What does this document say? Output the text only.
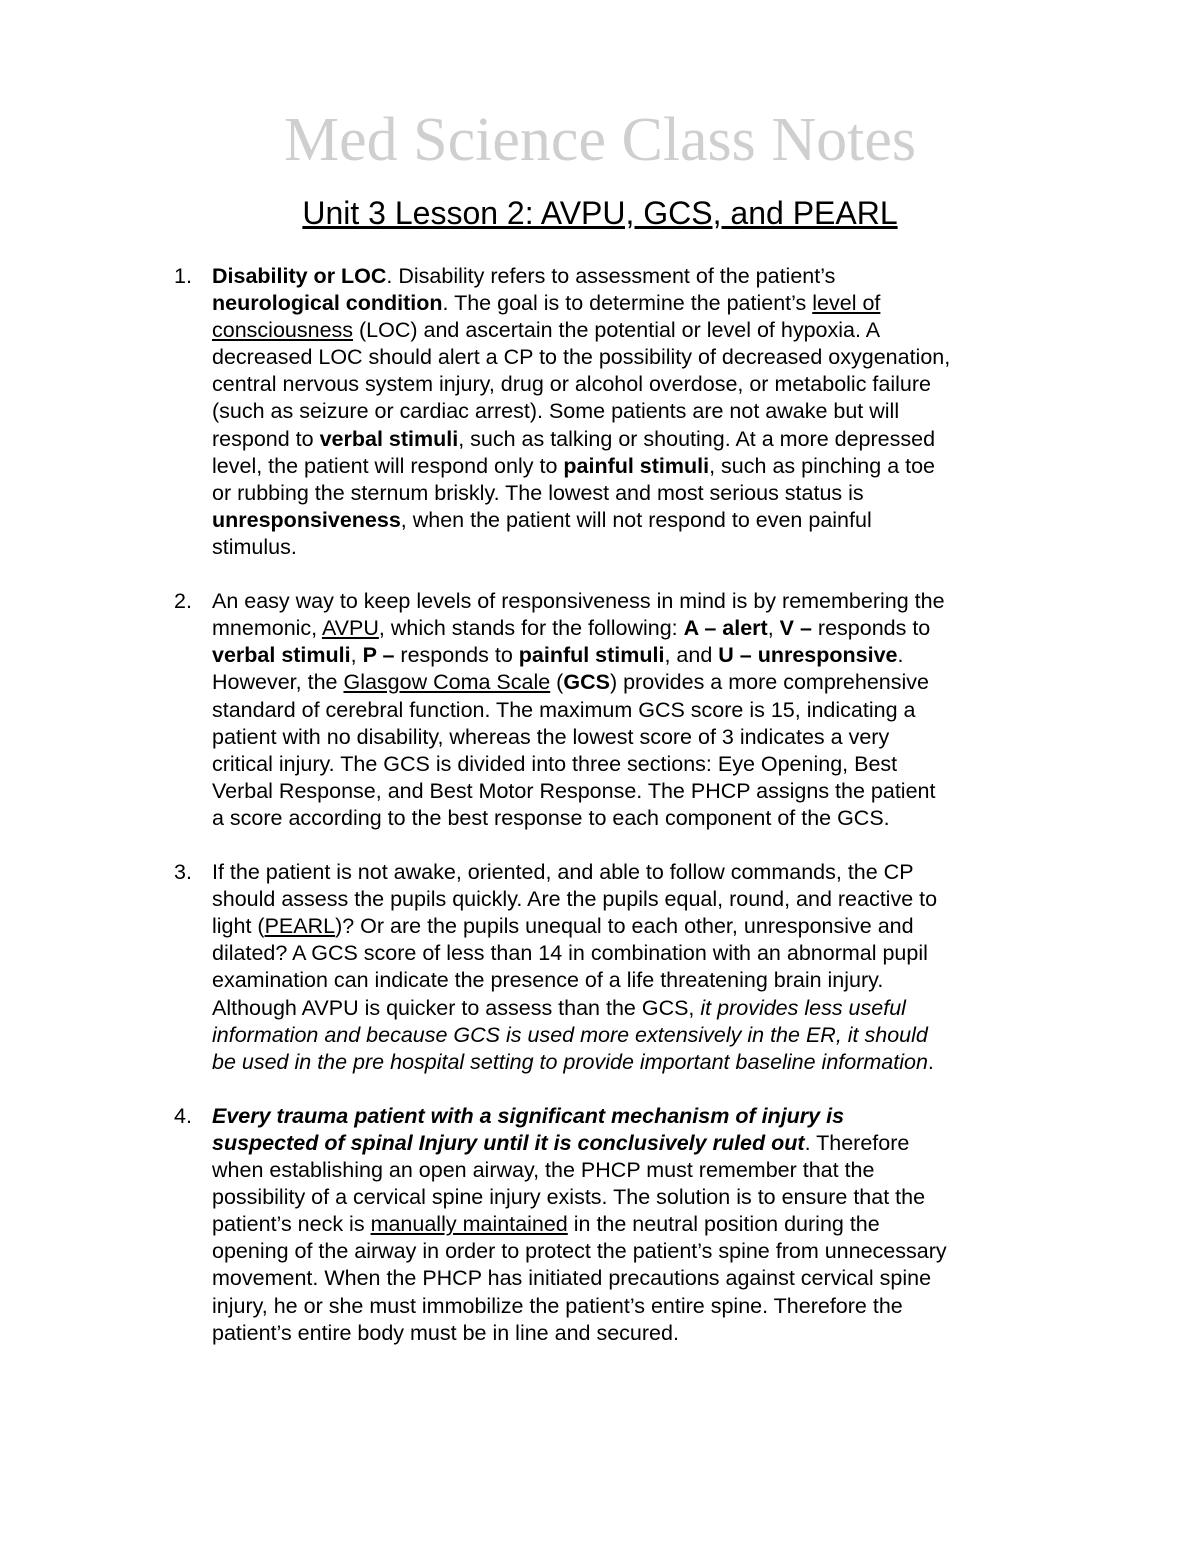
Med Science Class Notes
Unit 3 Lesson 2: AVPU, GCS, and PEARL
1. Disability or LOC. Disability refers to assessment of the patient’s
neurological condition. The goal is to determine the patient’s level of
consciousness (LOC) and ascertain the potential or level of hypoxia. A
decreased LOC should alert a CP to the possibility of decreased oxygenation,
central nervous system injury, drug or alcohol overdose, or metabolic failure
(such as seizure or cardiac arrest). Some patients are not awake but will
respond to verbal stimuli, such as talking or shouting. At a more depressed
level, the patient will respond only to painful stimuli, such as pinching a toe
or rubbing the sternum briskly. The lowest and most serious status is
unresponsiveness, when the patient will not respond to even painful
stimulus.
2. An easy way to keep levels of responsiveness in mind is by remembering the
mnemonic, AVPU, which stands for the following: A – alert, V – responds to
verbal stimuli, P – responds to painful stimuli, and U – unresponsive.
However, the Glasgow Coma Scale (GCS) provides a more comprehensive
standard of cerebral function. The maximum GCS score is 15, indicating a
patient with no disability, whereas the lowest score of 3 indicates a very
critical injury. The GCS is divided into three sections: Eye Opening, Best
Verbal Response, and Best Motor Response. The PHCP assigns the patient
a score according to the best response to each component of the GCS.
3. If the patient is not awake, oriented, and able to follow commands, the CP
should assess the pupils quickly. Are the pupils equal, round, and reactive to
light (PEARL)? Or are the pupils unequal to each other, unresponsive and
dilated? A GCS score of less than 14 in combination with an abnormal pupil
examination can indicate the presence of a life threatening brain injury.
Although AVPU is quicker to assess than the GCS, it provides less useful
information and because GCS is used more extensively in the ER, it should
be used in the pre hospital setting to provide important baseline information.
4. Every trauma patient with a significant mechanism of injury is
suspected of spinal Injury until it is conclusively ruled out. Therefore
when establishing an open airway, the PHCP must remember that the
possibility of a cervical spine injury exists. The solution is to ensure that the
patient’s neck is manually maintained in the neutral position during the
opening of the airway in order to protect the patient’s spine from unnecessary
movement. When the PHCP has initiated precautions against cervical spine
injury, he or she must immobilize the patient’s entire spine. Therefore the
patient’s entire body must be in line and secured.
